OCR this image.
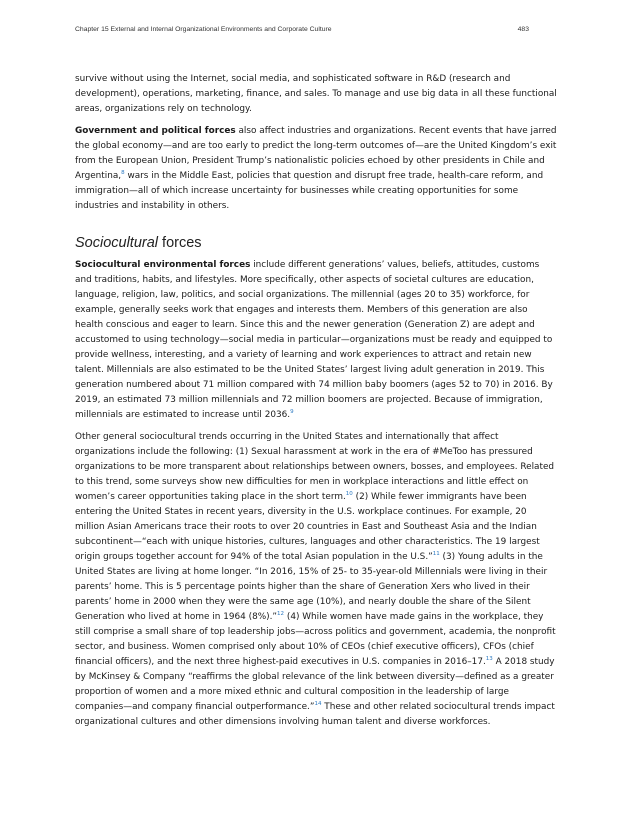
Chapter 15 External and Internal Organizational Environments and Corporate Culture	483

survive without using the Internet, social media, and sophisticated software in R&D (research and development), operations, marketing, finance, and sales. To manage and use big data in all these functional areas, organizations rely on technology.

Government and political forces also affect industries and organizations. Recent events that have jarred the global economy—and are too early to predict the long-term outcomes of—are the United Kingdom’s exit from the European Union, President Trump’s nationalistic policies echoed by other presidents in Chile and Argentina,$^8$ wars in the Middle East, policies that question and disrupt free trade, health-care reform, and immigration—all of which increase uncertainty for businesses while creating opportunities for some industries and instability in others.

Sociocultural forces

Sociocultural environmental forces include different generations’ values, beliefs, attitudes, customs and traditions, habits, and lifestyles. More specifically, other aspects of societal cultures are education, language, religion, law, politics, and social organizations. The millennial (ages 20 to 35) workforce, for example, generally seeks work that engages and interests them. Members of this generation are also health conscious and eager to learn. Since this and the newer generation (Generation Z) are adept and accustomed to using technology—social media in particular—organizations must be ready and equipped to provide wellness, interesting, and a variety of learning and work experiences to attract and retain new talent. Millennials are also estimated to be the United States’ largest living adult generation in 2019. This generation numbered about 71 million compared with 74 million baby boomers (ages 52 to 70) in 2016. By 2019, an estimated 73 million millennials and 72 million boomers are projected. Because of immigration, millennials are estimated to increase until 2036.$^9$

Other general sociocultural trends occurring in the United States and internationally that affect organizations include the following: (1) Sexual harassment at work in the era of #MeToo has pressured organizations to be more transparent about relationships between owners, bosses, and employees. Related to this trend, some surveys show new difficulties for men in workplace interactions and little effect on women’s career opportunities taking place in the short term.$^{10}$ (2) While fewer immigrants have been entering the United States in recent years, diversity in the U.S. workplace continues. For example, 20 million Asian Americans trace their roots to over 20 countries in East and Southeast Asia and the Indian subcontinent—“each with unique histories, cultures, languages and other characteristics. The 19 largest origin groups together account for 94% of the total Asian population in the U.S.”$^{11}$ (3) Young adults in the United States are living at home longer. “In 2016, 15% of 25- to 35-year-old Millennials were living in their parents’ home. This is 5 percentage points higher than the share of Generation Xers who lived in their parents’ home in 2000 when they were the same age (10%), and nearly double the share of the Silent Generation who lived at home in 1964 (8%).”$^{12}$ (4) While women have made gains in the workplace, they still comprise a small share of top leadership jobs—across politics and government, academia, the nonprofit sector, and business. Women comprised only about 10% of CEOs (chief executive officers), CFOs (chief financial officers), and the next three highest-paid executives in U.S. companies in 2016–17.13 A 2018 study by McKinsey & Company “reaffirms the global relevance of the link between diversity—defined as a greater proportion of women and a more mixed ethnic and cultural composition in the leadership of large companies—and company financial outperformance.”$^{14}$ These and other related sociocultural trends impact organizational cultures and other dimensions involving human talent and diverse workforces.
